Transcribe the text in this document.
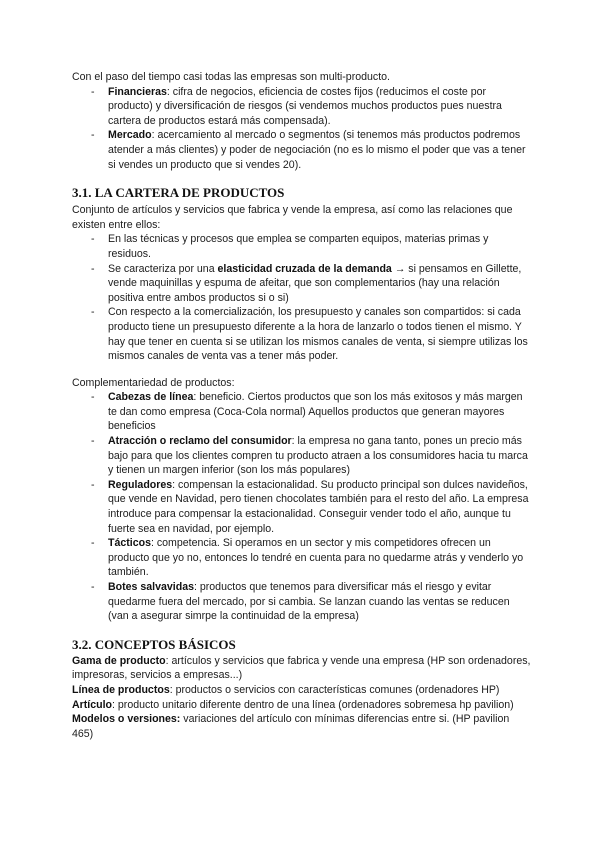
Con el paso del tiempo casi todas las empresas son multi-producto.

- Financieras: cifra de negocios, eficiencia de costes fijos (reducimos el coste por producto) y diversificación de riesgos (si vendemos muchos productos pues nuestra cartera de productos estará más compensada).
- Mercado: acercamiento al mercado o segmentos (si tenemos más productos podremos atender a más clientes) y poder de negociación (no es lo mismo el poder que vas a tener si vendes un producto que si vendes 20).
3.1. LA CARTERA DE PRODUCTOS

Conjunto de artículos y servicios que fabrica y vende la empresa, así como las relaciones que existen entre ellos:

- En las técnicas y procesos que emplea se comparten equipos, materias primas y residuos.
- Se caracteriza por una elasticidad cruzada de la demanda → si pensamos en Gillette, vende maquinillas y espuma de afeitar, que son complementarios (hay una relación positiva entre ambos productos si o si)
- Con respecto a la comercialización, los presupuesto y canales son compartidos: si cada producto tiene un presupuesto diferente a la hora de lanzarlo o todos tienen el mismo. Y hay que tener en cuenta si se utilizan los mismos canales de venta, si siempre utilizas los mismos canales de venta vas a tener más poder.

Complementariedad de productos:

- Cabezas de línea: beneficio. Ciertos productos que son los más exitosos y más margen te dan como empresa (Coca-Cola normal) Aquellos productos que generan mayores beneficios
- Atracción o reclamo del consumidor: la empresa no gana tanto, pones un precio más bajo para que los clientes compren tu producto atraen a los consumidores hacia tu marca y tienen un margen inferior (son los más populares)
- Reguladores: compensan la estacionalidad. Su producto principal son dulces navideños, que vende en Navidad, pero tienen chocolates también para el resto del año. La empresa introduce para compensar la estacionalidad. Conseguir vender todo el año, aunque tu fuerte sea en navidad, por ejemplo.
- Tácticos: competencia. Si operamos en un sector y mis competidores ofrecen un producto que yo no, entonces lo tendré en cuenta para no quedarme atrás y venderlo yo también.
- Botes salvavidas: productos que tenemos para diversificar más el riesgo y evitar quedarme fuera del mercado, por si cambia. Se lanzan cuando las ventas se reducen (van a asegurar simrpe la continuidad de la empresa)
3.2. CONCEPTOS BÁSICOS

Gama de producto: artículos y servicios que fabrica y vende una empresa (HP son ordenadores, impresoras, servicios a empresas...)

Línea de productos: productos o servicios con características comunes (ordenadores HP)

Artículo: producto unitario diferente dentro de una línea (ordenadores sobremesa hp pavilion)

Modelos o versiones: variaciones del artículo con mínimas diferencias entre si. (HP pavilion 465)
